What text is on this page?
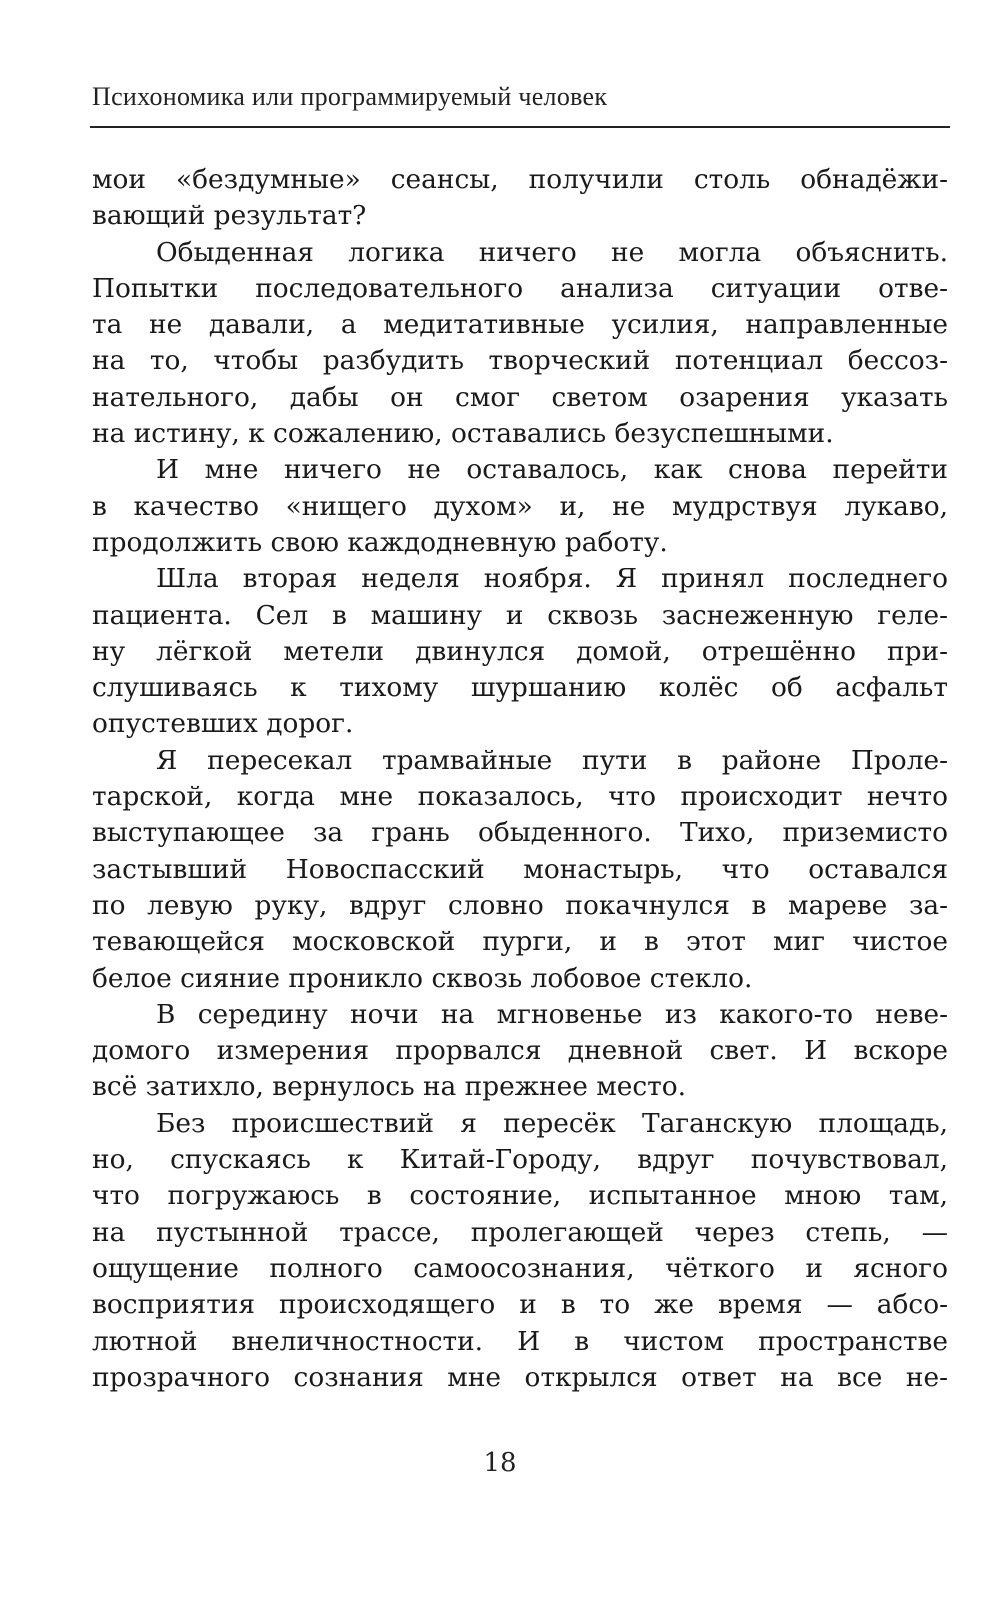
Психономика или программируемый человек
мои «бездумные» сеансы, получили столь обнадёжи-
вающий результат?
Обыденная логика ничего не могла объяснить.
Попытки последовательного анализа ситуации отве-
та не давали, а медитативные усилия, направленные
на то, чтобы разбудить творческий потенциал бессоз-
нательного, дабы он смог светом озарения указать
на истину, к сожалению, оставались безуспешными.
И мне ничего не оставалось, как снова перейти
в качество «нищего духом» и, не мудрствуя лукаво,
продолжить свою каждодневную работу.
Шла вторая неделя ноября. Я принял последнего
пациента. Сел в машину и сквозь заснеженную геле-
ну лёгкой метели двинулся домой, отрешённо при-
слушиваясь к тихому шуршанию колёс об асфальт
опустевших дорог.
Я пересекал трамвайные пути в районе Проле-
тарской, когда мне показалось, что происходит нечто
выступающее за грань обыденного. Тихо, приземисто
застывший Новоспасский монастырь, что оставался
по левую руку, вдруг словно покачнулся в мареве за-
тевающейся московской пурги, и в этот миг чистое
белое сияние проникло сквозь лобовое стекло.
В середину ночи на мгновенье из какого-то неве-
домого измерения прорвался дневной свет. И вскоре
всё затихло, вернулось на прежнее место.
Без происшествий я пересёк Таганскую площадь,
но, спускаясь к Китай-Городу, вдруг почувствовал,
что погружаюсь в состояние, испытанное мною там,
на пустынной трассе, пролегающей через степь, —
ощущение полного самоосознания, чёткого и ясного
восприятия происходящего и в то же время — абсо-
лютной внеличностности. И в чистом пространстве
прозрачного сознания мне открылся ответ на все не-
18
